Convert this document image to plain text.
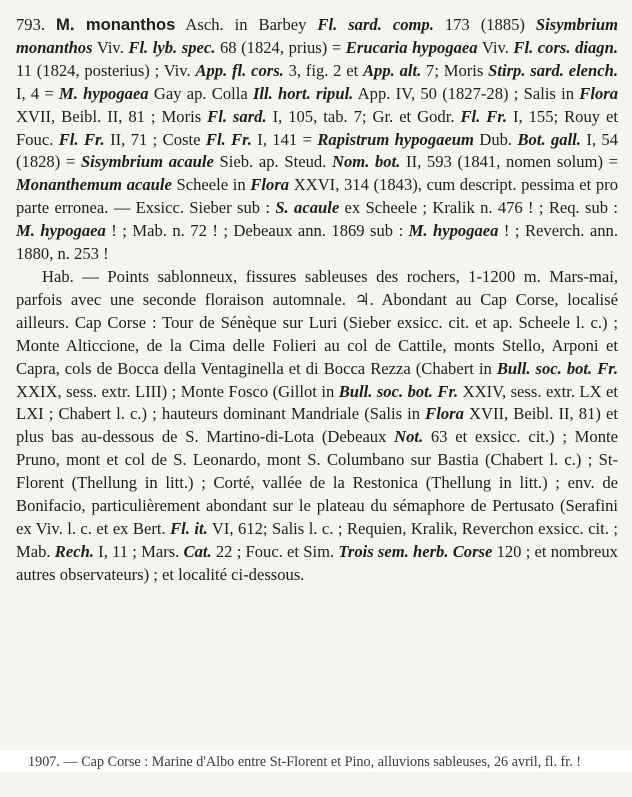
793. M. monanthos Asch. in Barbey Fl. sard. comp. 173 (1885) Sisymbrium monanthos Viv. Fl. lyb. spec. 68 (1824, prius) = Erucaria hypogaea Viv. Fl. cors. diagn. 11 (1824, posterius) ; Viv. App. fl. cors. 3, fig. 2 et App. alt. 7; Moris Stirp. sard. elench. I, 4 = M. hypogaea Gay ap. Colla Ill. hort. ripul. App. IV, 50 (1827-28) ; Salis in Flora XVII, Beibl. II, 81 ; Moris Fl. sard. I, 105, tab. 7; Gr. et Godr. Fl. Fr. I, 155; Rouy et Fouc. Fl. Fr. II, 71 ; Coste Fl. Fr. I, 141 = Rapistrum hypogaeum Dub. Bot. gall. I, 54 (1828) = Sisymbrium acaule Sieb. ap. Steud. Nom. bot. II, 593 (1841, nomen solum) = Monanthemum acaule Scheele in Flora XXVI, 314 (1843), cum descript. pessima et pro parte erronea. — Exsicc. Sieber sub : S. acaule ex Scheele ; Kralik n. 476 ! ; Req. sub : M. hypogaea ! ; Mab. n. 72 ! ; Debeaux ann. 1869 sub : M. hypogaea ! ; Reverch. ann. 1880, n. 253 !

Hab. — Points sablonneux, fissures sableuses des rochers, 1-1200 m. Mars-mai, parfois avec une seconde floraison automnale. ♃. Abondant au Cap Corse, localisé ailleurs. Cap Corse : Tour de Sénèque sur Luri (Sieber exsicc. cit. et ap. Scheele l. c.) ; Monte Alticcione, de la Cima delle Folieri au col de Cattile, monts Stello, Arponi et Capra, cols de Bocca della Ventaginella et di Bocca Rezza (Chabert in Bull. soc. bot. Fr. XXIX, sess. extr. LIII) ; Monte Fosco (Gillot in Bull. soc. bot. Fr. XXIV, sess. extr. LX et LXI ; Chabert l. c.) ; hauteurs dominant Mandriale (Salis in Flora XVII, Beibl. II, 81) et plus bas au-dessous de S. Martino-di-Lota (Debeaux Not. 63 et exsicc. cit.) ; Monte Pruno, mont et col de S. Leonardo, mont S. Columbano sur Bastia (Chabert l. c.) ; St-Florent (Thellung in litt.) ; Corté, vallée de la Restonica (Thellung in litt.) ; env. de Bonifacio, particulièrement abondant sur le plateau du sémaphore de Pertusato (Serafini ex Viv. l. c. et ex Bert. Fl. it. VI, 612; Salis l. c. ; Requien, Kralik, Reverchon exsicc. cit. ; Mab. Rech. I, 11 ; Mars. Cat. 22 ; Fouc. et Sim. Trois sem. herb. Corse 120 ; et nombreux autres observateurs) ; et localité ci-dessous.

1907. — Cap Corse : Marine d'Albo entre St-Florent et Pino, alluvions sableuses, 26 avril, fl. fr. !
